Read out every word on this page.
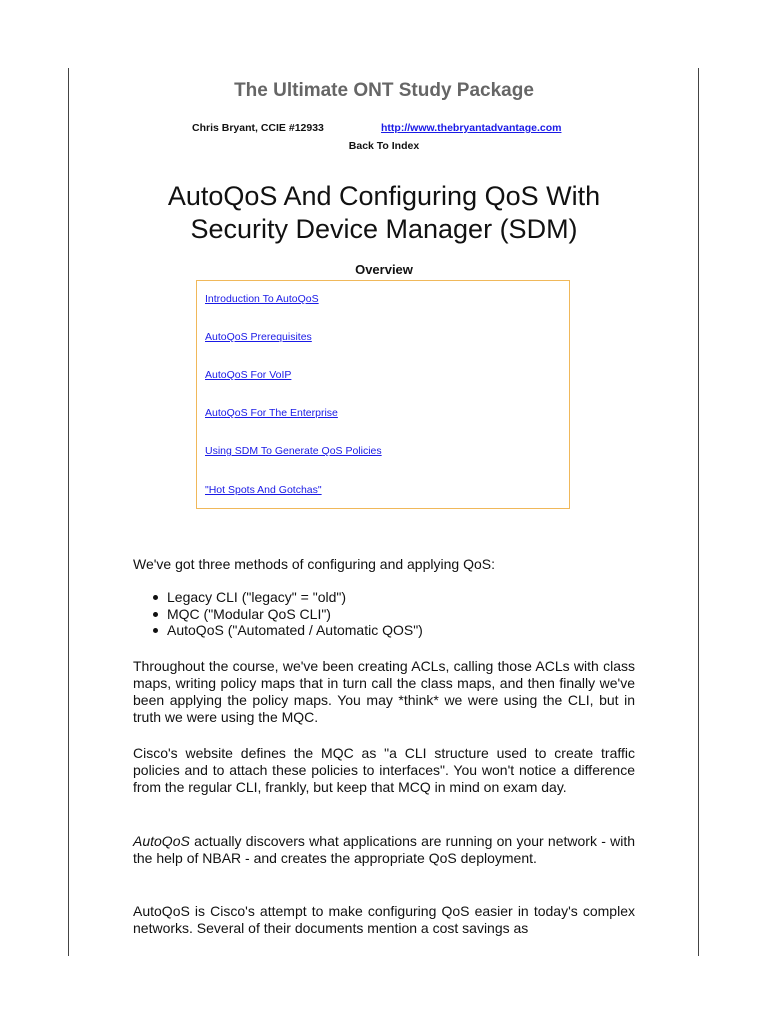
The Ultimate ONT Study Package
Chris Bryant, CCIE #12933	http://www.thebryantadvantage.com
Back To Index
AutoQoS And Configuring QoS With
Security Device Manager (SDM)
Overview
Introduction To AutoQoS
AutoQoS Prerequisites
AutoQoS For VoIP
AutoQoS For The Enterprise
Using SDM To Generate QoS Policies
"Hot Spots And Gotchas"
We've got three methods of configuring and applying QoS:
Legacy CLI ("legacy" = "old")
MQC ("Modular QoS CLI")
AutoQoS ("Automated / Automatic QOS")

Throughout the course, we've been creating ACLs, calling those ACLs with class maps, writing policy maps that in turn call the class maps, and then finally we've been applying the policy maps. You may *think* we were using the CLI, but in truth we were using the MQC.

Cisco's website defines the MQC as "a CLI structure used to create traffic policies and to attach these policies to interfaces". You won't notice a difference from the regular CLI, frankly, but keep that MCQ in mind on exam day.

AutoQoS actually discovers what applications are running on your network - with the help of NBAR - and creates the appropriate QoS deployment.

AutoQoS is Cisco's attempt to make configuring QoS easier in today's complex networks. Several of their documents mention a cost savings as
